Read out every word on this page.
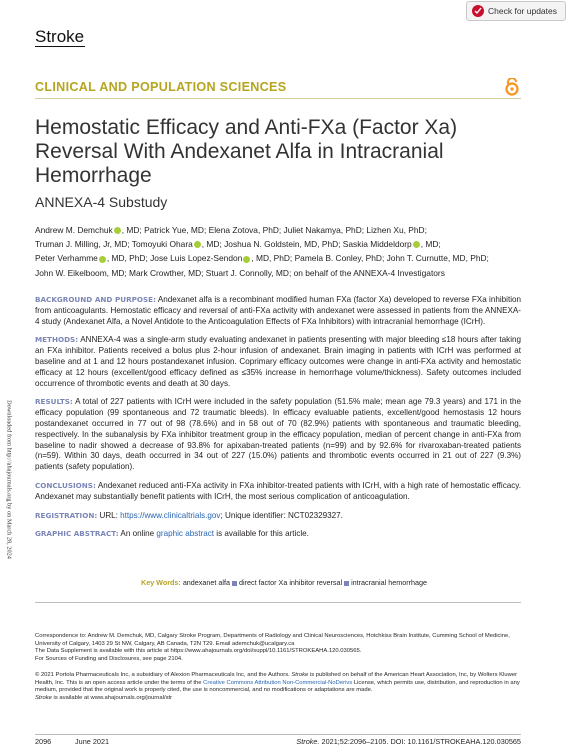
Check for updates
Stroke
CLINICAL AND POPULATION SCIENCES
Hemostatic Efficacy and Anti-FXa (Factor Xa) Reversal With Andexanet Alfa in Intracranial Hemorrhage
ANNEXA-4 Substudy
Andrew M. Demchuk , MD; Patrick Yue, MD; Elena Zotova, PhD; Juliet Nakamya, PhD; Lizhen Xu, PhD;
Truman J. Milling, Jr, MD; Tomoyuki Ohara , MD; Joshua N. Goldstein, MD, PhD; Saskia Middeldorp , MD;
Peter Verhamme , MD, PhD; Jose Luis Lopez-Sendon , MD, PhD; Pamela B. Conley, PhD; John T. Curnutte, MD, PhD;
John W. Eikelboom, MD; Mark Crowther, MD; Stuart J. Connolly, MD; on behalf of the ANNEXA-4 Investigators

BACKGROUND AND PURPOSE: Andexanet alfa is a recombinant modified human FXa (factor Xa) developed to reverse FXa inhibition from anticoagulants. Hemostatic efficacy and reversal of anti-FXa activity with andexanet were assessed in patients from the ANNEXA-4 study (Andexanet Alfa, a Novel Antidote to the Anticoagulation Effects of FXa Inhibitors) with intracranial hemorrhage (ICrH).

METHODS: ANNEXA-4 was a single-arm study evaluating andexanet in patients presenting with major bleeding ≤18 hours after taking an FXa inhibitor. Patients received a bolus plus 2-hour infusion of andexanet. Brain imaging in patients with ICrH was performed at baseline and at 1 and 12 hours postandexanet infusion. Coprimary efficacy outcomes were change in anti-FXa activity and hemostatic efficacy at 12 hours (excellent/good efficacy defined as ≤35% increase in hemorrhage volume/thickness). Safety outcomes included occurrence of thrombotic events and death at 30 days.

RESULTS: A total of 227 patients with ICrH were included in the safety population (51.5% male; mean age 79.3 years) and 171 in the efficacy population (99 spontaneous and 72 traumatic bleeds). In efficacy evaluable patients, excellent/good hemostasis 12 hours postandexanet occurred in 77 out of 98 (78.6%) and in 58 out of 70 (82.9%) patients with spontaneous and traumatic bleeding, respectively. In the subanalysis by FXa inhibitor treatment group in the efficacy population, median of percent change in anti-FXa from baseline to nadir showed a decrease of 93.8% for apixaban-treated patients (n=99) and by 92.6% for rivaroxaban-treated patients (n=59). Within 30 days, death occurred in 34 out of 227 (15.0%) patients and thrombotic events occurred in 21 out of 227 (9.3%) patients (safety population).

CONCLUSIONS: Andexanet reduced anti-FXa activity in FXa inhibitor-treated patients with ICrH, with a high rate of hemostatic efficacy. Andexanet may substantially benefit patients with ICrH, the most serious complication of anticoagulation.

REGISTRATION: URL: https://www.clinicaltrials.gov; Unique identifier: NCT02329327.

GRAPHIC ABSTRACT: An online graphic abstract is available for this article.

Key Words: andexanet alfa direct factor Xa inhibitor reversal intracranial hemorrhage
Correspondence to: Andrew M. Demchuk, MD, Calgary Stroke Program, Departments of Radiology and Clinical Neurosciences, Hotchkiss Brain Institute, Cumming School of Medicine, University of Calgary, 1403 29 St NW, Calgary, AB Canada, T2N T29. Email ademchuk@ucalgary.ca
The Data Supplement is available with this article at https://www.ahajournals.org/doi/suppl/10.1161/STROKEAHA.120.030565.
For Sources of Funding and Disclosures, see page 2104.
© 2021 Portola Pharmaceuticals Inc, a subsidiary of Alexion Pharmaceuticals Inc, and the Authors. Stroke is published on behalf of the American Heart Association, Inc, by Wolters Kluwer Health, Inc. This is an open access article under the terms of the Creative Commons Attribution Non-Commercial-NoDerivs License, which permits use, distribution, and reproduction in any medium, provided that the original work is properly cited, the use is noncommercial, and no modifications or adaptations are made.
Stroke is available at www.ahajournals.org/journal/str
Downloaded from http://ahajournals.org by on March 28, 2024
2096	June 2021	Stroke. 2021;52:2096–2105. DOI: 10.1161/STROKEAHA.120.030565
